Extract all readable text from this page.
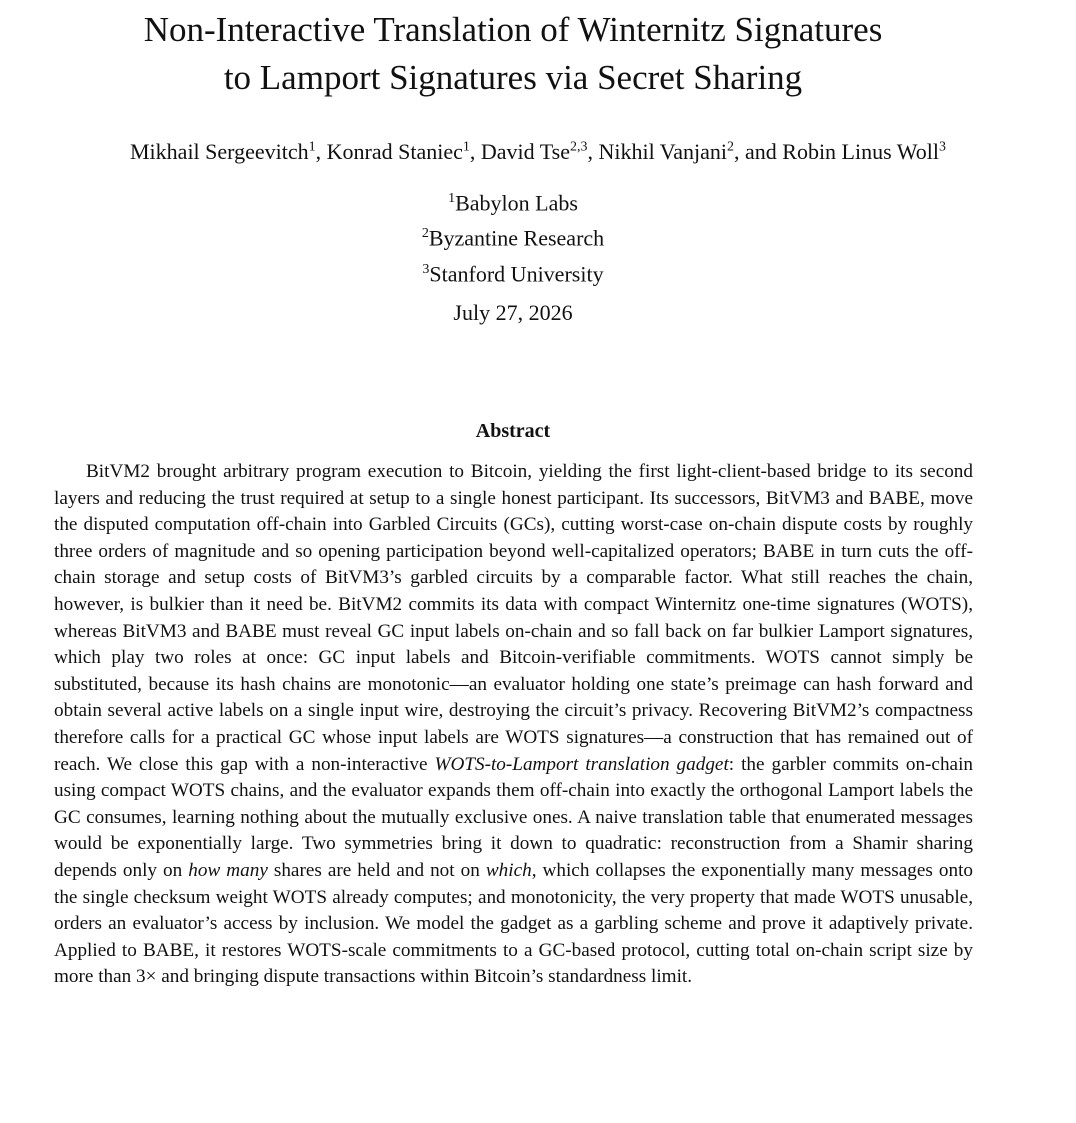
Non-Interactive Translation of Winternitz Signatures
to Lamport Signatures via Secret Sharing
Mikhail Sergeevitch$^1$, Konrad Staniec$^1$, David Tse$^{2,3}$, Nikhil Vanjani$^2$, and Robin Linus Woll$^3$
$^1$Babylon Labs
$^2$Byzantine Research
$^3$Stanford University
July 27, 2026
Abstract

BitVM2 brought arbitrary program execution to Bitcoin, yielding the first light-client-based bridge to its second layers and reducing the trust required at setup to a single honest participant. Its successors, BitVM3 and BABE, move the disputed computation off-chain into Garbled Circuits (GCs), cutting worst-case on-chain dispute costs by roughly three orders of magnitude and so opening participation beyond well-capitalized operators; BABE in turn cuts the off-chain storage and setup costs of BitVM3’s garbled circuits by a comparable factor. What still reaches the chain, however, is bulkier than it need be. BitVM2 commits its data with compact Winternitz one-time signatures (WOTS), whereas BitVM3 and BABE must reveal GC input labels on-chain and so fall back on far bulkier Lamport signatures, which play two roles at once: GC input labels and Bitcoin-verifiable commitments. WOTS cannot simply be substituted, because its hash chains are monotonic—an evaluator holding one state’s preimage can hash forward and obtain several active labels on a single input wire, destroying the circuit’s privacy. Recovering BitVM2’s compactness therefore calls for a practical GC whose input labels are WOTS signatures—a construction that has remained out of reach. We close this gap with a non-interactive WOTS-to-Lamport translation gadget: the garbler commits on-chain using compact WOTS chains, and the evaluator expands them off-chain into exactly the orthogonal Lamport labels the GC consumes, learning nothing about the mutually exclusive ones. A naive translation table that enumerated messages would be exponentially large. Two symmetries bring it down to quadratic: reconstruction from a Shamir sharing depends only on how many shares are held and not on which, which collapses the exponentially many messages onto the single checksum weight WOTS already computes; and monotonicity, the very property that made WOTS unusable, orders an evaluator’s access by inclusion. We model the gadget as a garbling scheme and prove it adaptively private. Applied to BABE, it restores WOTS-scale commitments to a GC-based protocol, cutting total on-chain script size by more than 3× and bringing dispute transactions within Bitcoin’s standardness limit.
